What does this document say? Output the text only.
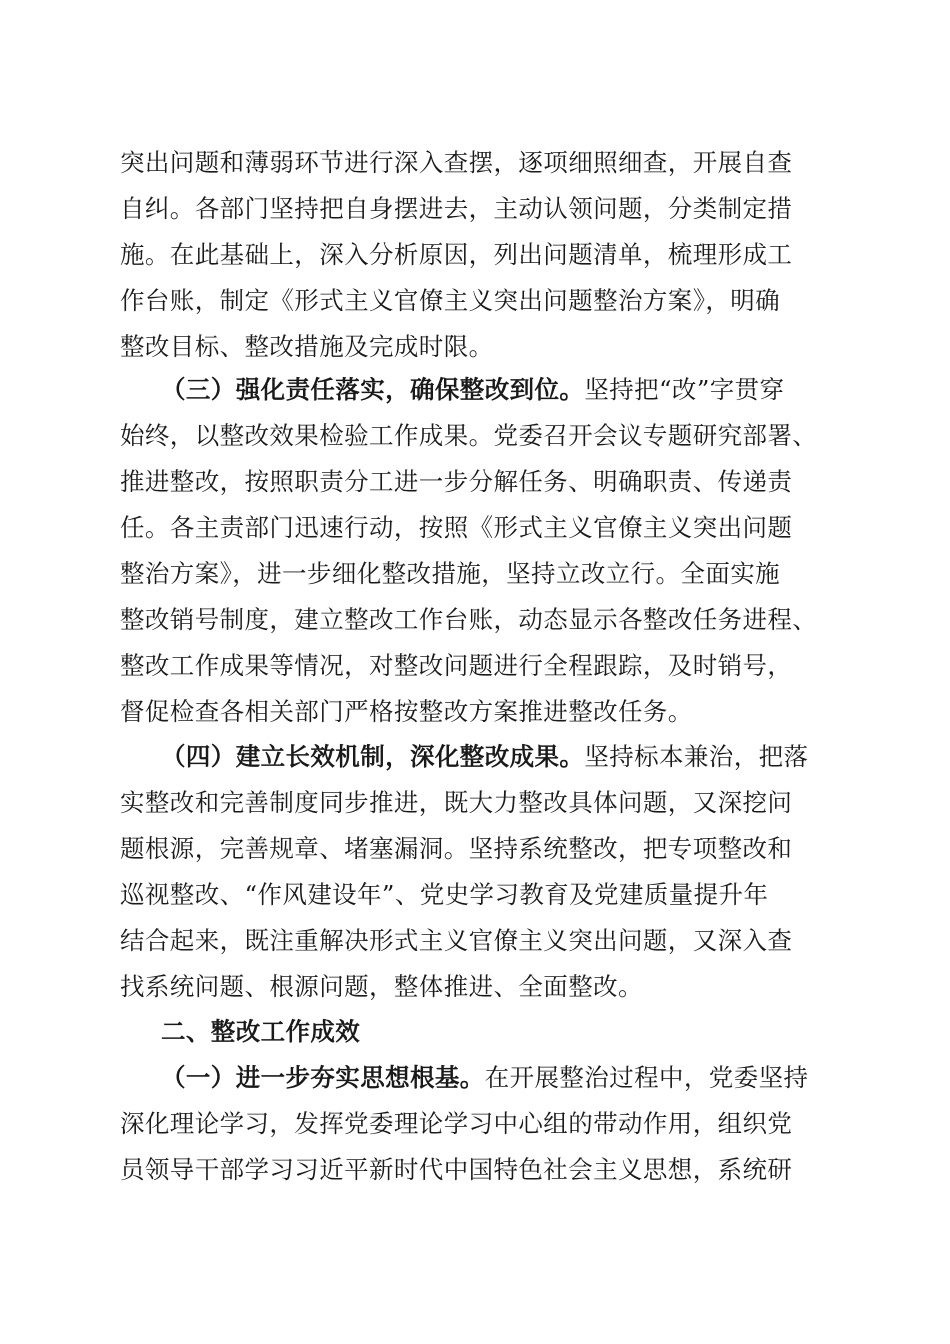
突出问题和薄弱环节进行深入查摆，逐项细照细查，开展自查
自纠。各部门坚持把自身摆进去，主动认领问题，分类制定措
施。在此基础上，深入分析原因，列出问题清单，梳理形成工
作台账，制定《形式主义官僚主义突出问题整治方案》，明确
整改目标、整改措施及完成时限。
（三）强化责任落实，确保整改到位。坚持把“改”字贯穿
始终，以整改效果检验工作成果。党委召开会议专题研究部署、
推进整改，按照职责分工进一步分解任务、明确职责、传递责
任。各主责部门迅速行动，按照《形式主义官僚主义突出问题
整治方案》，进一步细化整改措施，坚持立改立行。全面实施
整改销号制度，建立整改工作台账，动态显示各整改任务进程、
整改工作成果等情况，对整改问题进行全程跟踪，及时销号，
督促检查各相关部门严格按整改方案推进整改任务。
（四）建立长效机制，深化整改成果。坚持标本兼治，把落
实整改和完善制度同步推进，既大力整改具体问题，又深挖问
题根源，完善规章、堵塞漏洞。坚持系统整改，把专项整改和
巡视整改、“作风建设年”、党史学习教育及党建质量提升年
结合起来，既注重解决形式主义官僚主义突出问题，又深入查
找系统问题、根源问题，整体推进、全面整改。
二、整改工作成效
（一）进一步夯实思想根基。在开展整治过程中，党委坚持
深化理论学习，发挥党委理论学习中心组的带动作用，组织党
员领导干部学习习近平新时代中国特色社会主义思想，系统研
